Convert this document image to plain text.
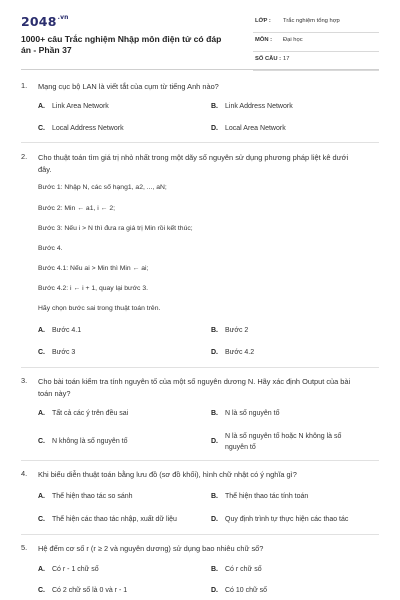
$2048^{.vn}$
1000+ câu Trắc nghiệm Nhập môn điện tử có đáp án - Phần 37
LỚP : Trắc nghiệm tổng hợp
MÔN : Đại học
SỐ CÂU : 17
1. Mạng cục bộ LAN là viết tắt của cụm từ tiếng Anh nào?
A. Link Area Network	B. Link Address Network
C. Local Address Network	D. Local Area Network
2. Cho thuật toán tìm giá trị nhỏ nhất trong một dãy số nguyên sử dụng phương pháp liệt kê dưới
đây.
Bước 1: Nhập N, các số hạng1, a2, ..., aN;
Bước 2: Min ← a1, i ← 2;
Bước 3: Nếu i > N thì đưa ra giá trị Min rồi kết thúc;
Bước 4.
Bước 4.1: Nếu ai > Min thì Min ← ai;
Bước 4.2: i ← i + 1, quay lại bước 3.
Hãy chọn bước sai trong thuật toán trên.
A. Bước 4.1	B. Bước 2
C. Bước 3	D. Bước 4.2
3. Cho bài toán kiểm tra tính nguyên tố của một số nguyên dương N. Hãy xác định Output của bài
toán này?
A. Tất cả các ý trên đều sai	B. N là số nguyên tố
C. N không là số nguyên tố	D.
N là số nguyên tố hoặc N không là số
nguyên tố
4. Khi biểu diễn thuật toán bằng lưu đồ (sơ đồ khối), hình chữ nhật có ý nghĩa gì?
A. Thể hiện thao tác so sánh	B. Thể hiện thao tác tính toán
C. Thể hiện các thao tác nhập, xuất dữ liệu	D. Quy định trình tự thực hiện các thao tác
5. Hệ đếm cơ số r (r ≥ 2 và nguyên dương) sử dụng bao nhiêu chữ số?
A. Có r - 1 chữ số	B. Có r chữ số
C. Có 2 chữ số là 0 và r - 1	D. Có 10 chữ số
